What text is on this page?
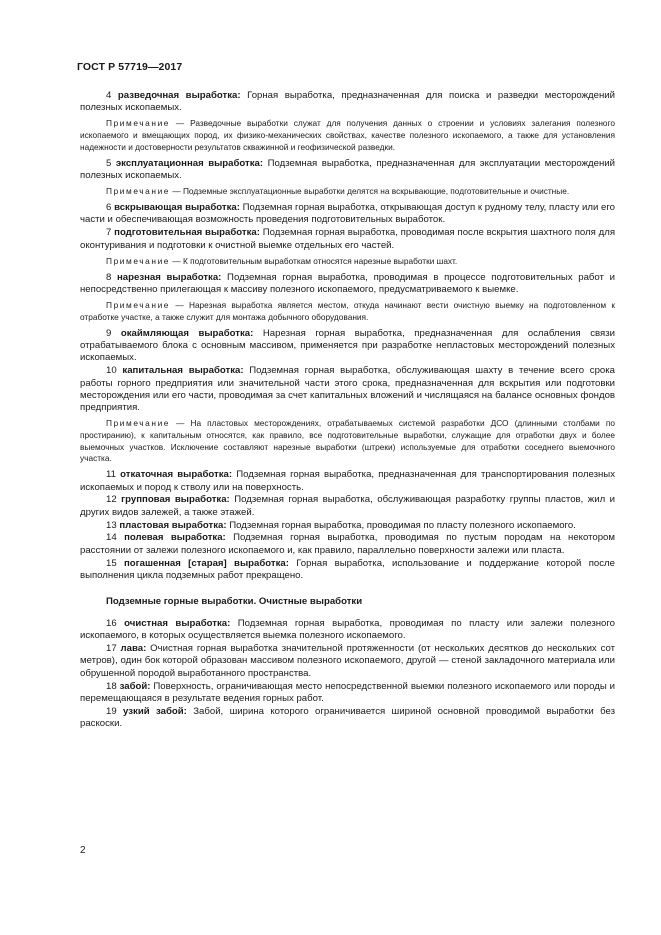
ГОСТ Р 57719—2017

4 разведочная выработка: Горная выработка, предназначенная для поиска и разведки месторождений полезных ископаемых.

Примечание — Разведочные выработки служат для получения данных о строении и условиях залегания полезного ископаемого и вмещающих пород, их физико-механических свойствах, качестве полезного ископаемого, а также для установления надежности и достоверности результатов скважинной и геофизической разведки.

5 эксплуатационная выработка: Подземная выработка, предназначенная для эксплуатации месторождений полезных ископаемых.

Примечание — Подземные эксплуатационные выработки делятся на вскрывающие, подготовительные и очистные.

6 вскрывающая выработка: Подземная горная выработка, открывающая доступ к рудному телу, пласту или его части и обеспечивающая возможность проведения подготовительных выработок.

7 подготовительная выработка: Подземная горная выработка, проводимая после вскрытия шахтного поля для оконтуривания и подготовки к очистной выемке отдельных его частей.

Примечание — К подготовительным выработкам относятся нарезные выработки шахт.

8 нарезная выработка: Подземная горная выработка, проводимая в процессе подготовительных работ и непосредственно прилегающая к массиву полезного ископаемого, предусматриваемого к выемке.

Примечание — Нарезная выработка является местом, откуда начинают вести очистную выемку на подготовленном к отработке участке, а также служит для монтажа добычного оборудования.

9 окаймляющая выработка: Нарезная горная выработка, предназначенная для ослабления связи отрабатываемого блока с основным массивом, применяется при разработке непластовых месторождений полезных ископаемых.

10 капитальная выработка: Подземная горная выработка, обслуживающая шахту в течение всего срока работы горного предприятия или значительной части этого срока, предназначенная для вскрытия или подготовки месторождения или его части, проводимая за счет капитальных вложений и числящаяся на балансе основных фондов предприятия.

Примечание — На пластовых месторождениях, отрабатываемых системой разработки ДСО (длинными столбами по простиранию), к капитальным относятся, как правило, все подготовительные выработки, служащие для отработки двух и более выемочных участков. Исключение составляют нарезные выработки (штреки) используемые для отработки соседнего выемочного участка.

11 откаточная выработка: Подземная горная выработка, предназначенная для транспортирования полезных ископаемых и пород к стволу или на поверхность.

12 групповая выработка: Подземная горная выработка, обслуживающая разработку группы пластов, жил и других видов залежей, а также этажей.

13 пластовая выработка: Подземная горная выработка, проводимая по пласту полезного ископаемого.

14 полевая выработка: Подземная горная выработка, проводимая по пустым породам на некотором расстоянии от залежи полезного ископаемого и, как правило, параллельно поверхности залежи или пласта.

15 погашенная [старая] выработка: Горная выработка, использование и поддержание которой после выполнения цикла подземных работ прекращено.

Подземные горные выработки. Очистные выработки

16 очистная выработка: Подземная горная выработка, проводимая по пласту или залежи полезного ископаемого, в которых осуществляется выемка полезного ископаемого.

17 лава: Очистная горная выработка значительной протяженности (от нескольких десятков до нескольких сот метров), один бок которой образован массивом полезного ископаемого, другой — стеной закладочного материала или обрушенной породой выработанного пространства.

18 забой: Поверхность, ограничивающая место непосредственной выемки полезного ископаемого или породы и перемещающаяся в результате ведения горных работ.

19 узкий забой: Забой, ширина которого ограничивается шириной основной проводимой выработки без раскоски.

2
